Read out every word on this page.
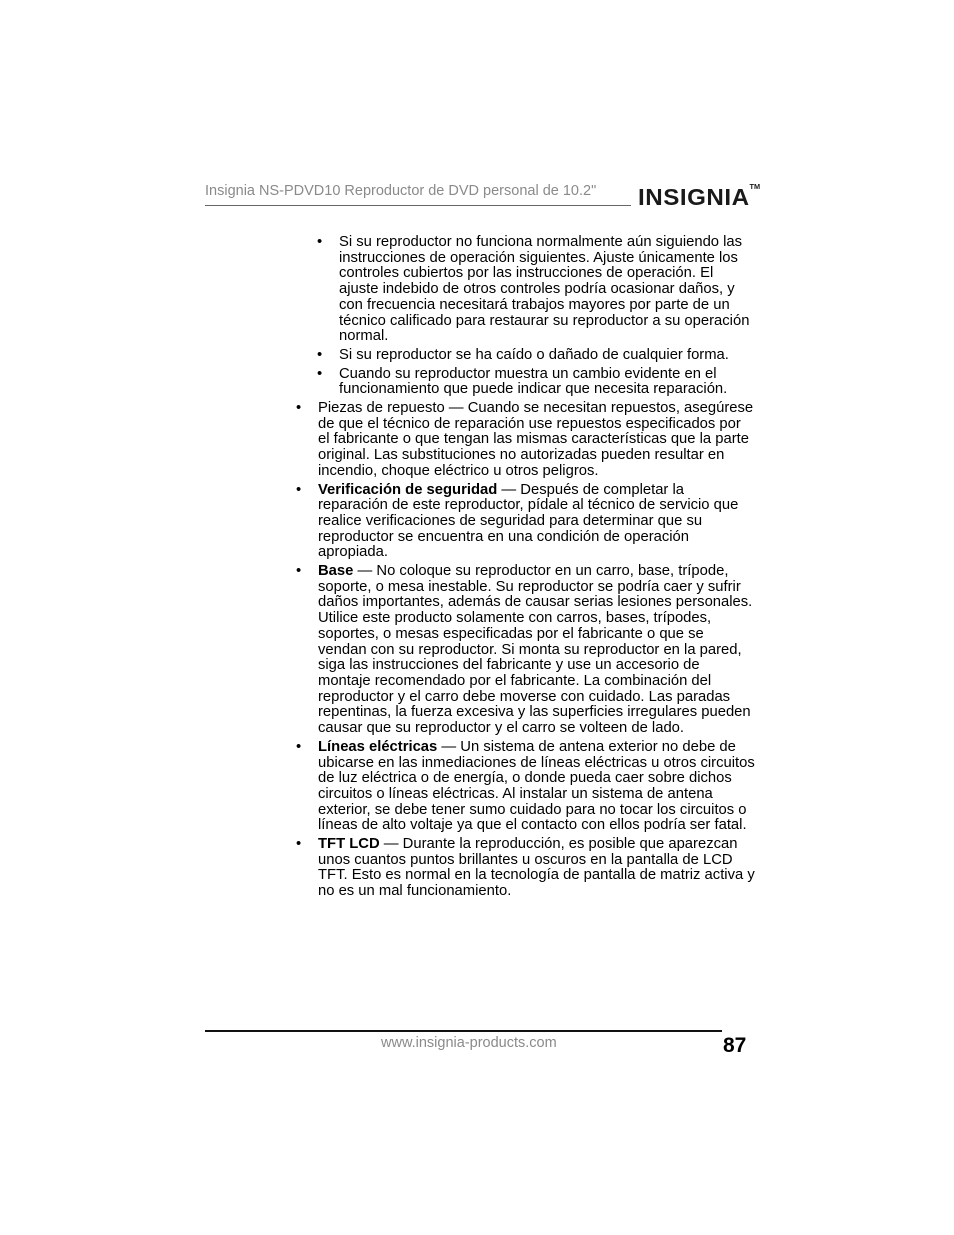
Insignia NS-PDVD10 Reproductor de DVD personal de 10.2" INSIGNIA™
• Si su reproductor no funciona normalmente aún siguiendo las instrucciones de operación siguientes. Ajuste únicamente los controles cubiertos por las instrucciones de operación. El ajuste indebido de otros controles podría ocasionar daños, y con frecuencia necesitará trabajos mayores por parte de un técnico calificado para restaurar su reproductor a su operación normal.
• Si su reproductor se ha caído o dañado de cualquier forma.
• Cuando su reproductor muestra un cambio evidente en el funcionamiento que puede indicar que necesita reparación.
• Piezas de repuesto — Cuando se necesitan repuestos, asegúrese de que el técnico de reparación use repuestos especificados por el fabricante o que tengan las mismas características que la parte original. Las substituciones no autorizadas pueden resultar en incendio, choque eléctrico u otros peligros.
• Verificación de seguridad — Después de completar la reparación de este reproductor, pídale al técnico de servicio que realice verificaciones de seguridad para determinar que su reproductor se encuentra en una condición de operación apropiada.
• Base — No coloque su reproductor en un carro, base, trípode, soporte, o mesa inestable. Su reproductor se podría caer y sufrir daños importantes, además de causar serias lesiones personales. Utilice este producto solamente con carros, bases, trípodes, soportes, o mesas especificadas por el fabricante o que se vendan con su reproductor. Si monta su reproductor en la pared, siga las instrucciones del fabricante y use un accesorio de montaje recomendado por el fabricante. La combinación del reproductor y el carro debe moverse con cuidado. Las paradas repentinas, la fuerza excesiva y las superficies irregulares pueden causar que su reproductor y el carro se volteen de lado.
• Líneas eléctricas — Un sistema de antena exterior no debe de ubicarse en las inmediaciones de líneas eléctricas u otros circuitos de luz eléctrica o de energía, o donde pueda caer sobre dichos circuitos o líneas eléctricas. Al instalar un sistema de antena exterior, se debe tener sumo cuidado para no tocar los circuitos o líneas de alto voltaje ya que el contacto con ellos podría ser fatal.
• TFT LCD — Durante la reproducción, es posible que aparezcan unos cuantos puntos brillantes u oscuros en la pantalla de LCD TFT. Esto es normal en la tecnología de pantalla de matriz activa y no es un mal funcionamiento.
www.insignia-products.com	87
